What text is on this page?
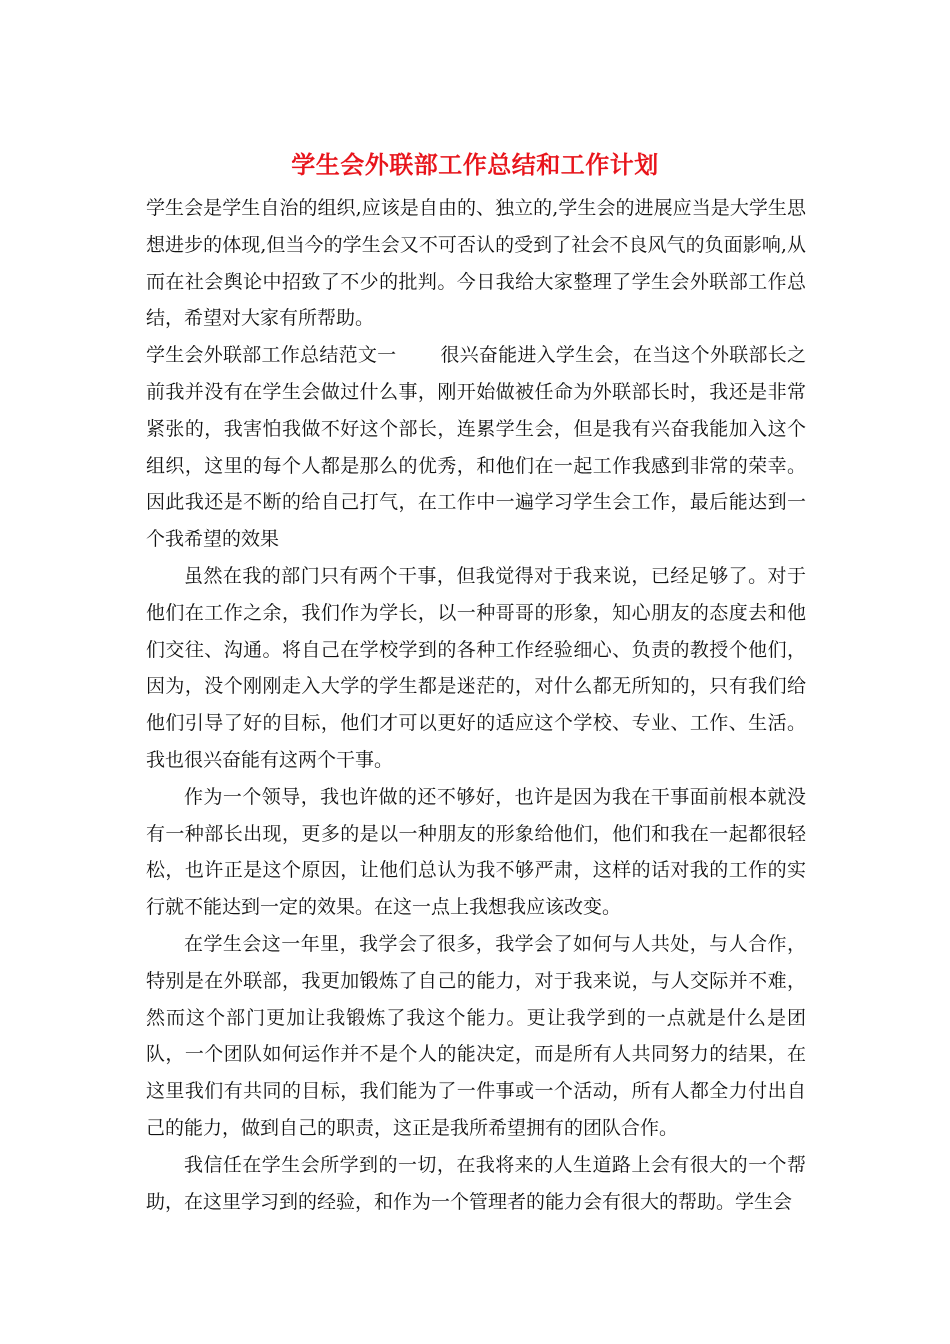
学生会外联部工作总结和工作计划

学生会是学生自治的组织,应该是自由的、独立的,学生会的进展应当是大学生思想进步的体现,但当今的学生会又不可否认的受到了社会不良风气的负面影响,从而在社会舆论中招致了不少的批判。今日我给大家整理了学生会外联部工作总结，希望对大家有所帮助。

学生会外联部工作总结范文一 很兴奋能进入学生会，在当这个外联部长之前我并没有在学生会做过什么事，刚开始做被任命为外联部长时，我还是非常紧张的，我害怕我做不好这个部长，连累学生会，但是我有兴奋我能加入这个组织，这里的每个人都是那么的优秀，和他们在一起工作我感到非常的荣幸。因此我还是不断的给自己打气，在工作中一遍学习学生会工作，最后能达到一个我希望的效果

虽然在我的部门只有两个干事，但我觉得对于我来说，已经足够了。对于他们在工作之余，我们作为学长，以一种哥哥的形象，知心朋友的态度去和他们交往、沟通。将自己在学校学到的各种工作经验细心、负责的教授个他们，因为，没个刚刚走入大学的学生都是迷茫的，对什么都无所知的，只有我们给他们引导了好的目标，他们才可以更好的适应这个学校、专业、工作、生活。我也很兴奋能有这两个干事。

作为一个领导，我也许做的还不够好，也许是因为我在干事面前根本就没有一种部长出现，更多的是以一种朋友的形象给他们，他们和我在一起都很轻松，也许正是这个原因，让他们总认为我不够严肃，这样的话对我的工作的实行就不能达到一定的效果。在这一点上我想我应该改变。

在学生会这一年里，我学会了很多，我学会了如何与人共处，与人合作，特别是在外联部，我更加锻炼了自己的能力，对于我来说，与人交际并不难，然而这个部门更加让我锻炼了我这个能力。更让我学到的一点就是什么是团队，一个团队如何运作并不是个人的能决定，而是所有人共同努力的结果，在这里我们有共同的目标，我们能为了一件事或一个活动，所有人都全力付出自己的能力，做到自己的职责，这正是我所希望拥有的团队合作。

我信任在学生会所学到的一切，在我将来的人生道路上会有很大的一个帮助，在这里学习到的经验，和作为一个管理者的能力会有很大的帮助。学生会
